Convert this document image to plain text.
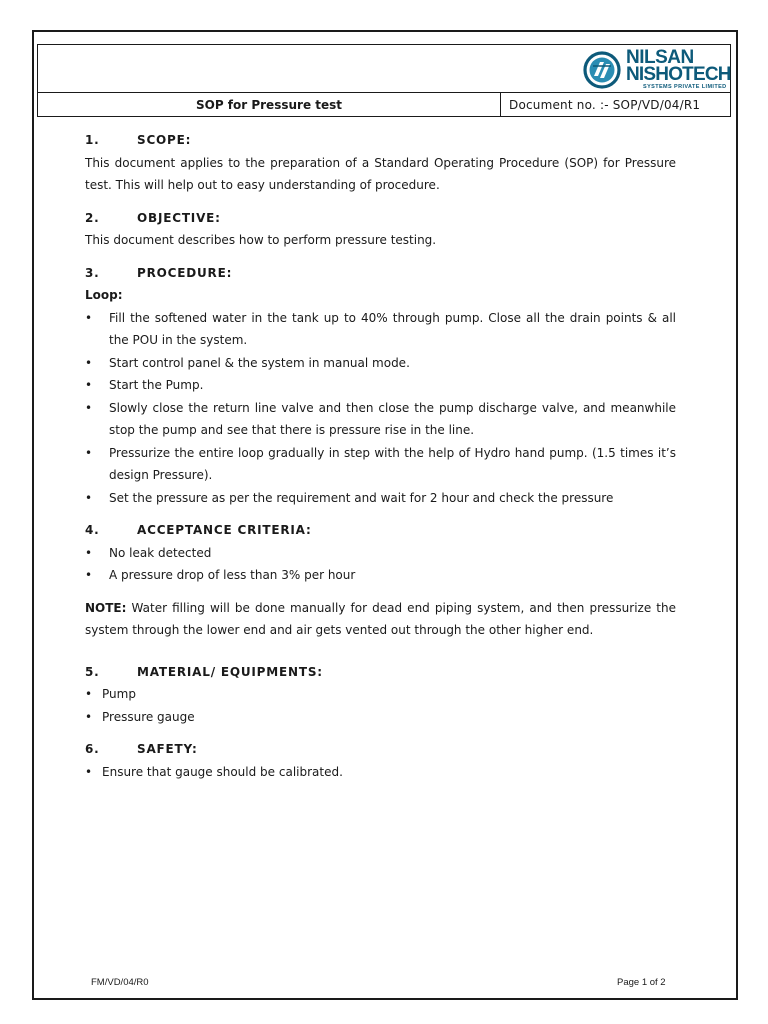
NILSAN
NISHOTECH
SYSTEMS PRIVATE LIMITED
SOP for Pressure test	Document no. :- SOP/VD/04/R1
1.	SCOPE:

This document applies to the preparation of a Standard Operating Procedure (SOP) for Pressure test. This will help out to easy understanding of procedure.

2.	OBJECTIVE:

This document describes how to perform pressure testing.

3.	PROCEDURE:
Loop:
• Fill the softened water in the tank up to 40% through pump. Close all the drain points & all the POU in the system.
• Start control panel & the system in manual mode.
• Start the Pump.
• Slowly close the return line valve and then close the pump discharge valve, and meanwhile stop the pump and see that there is pressure rise in the line.
• Pressurize the entire loop gradually in step with the help of Hydro hand pump. (1.5 times it’s design Pressure).
• Set the pressure as per the requirement and wait for 2 hour and check the pressure
4.	ACCEPTANCE CRITERIA:
• No leak detected
• A pressure drop of less than 3% per hour

NOTE: Water filling will be done manually for dead end piping system, and then pressurize the system through the lower end and air gets vented out through the other higher end.

5.	MATERIAL/ EQUIPMENTS:
• Pump
• Pressure gauge
6.	SAFETY:
• Ensure that gauge should be calibrated.
FM/VD/04/R0	Page 1 of 2
